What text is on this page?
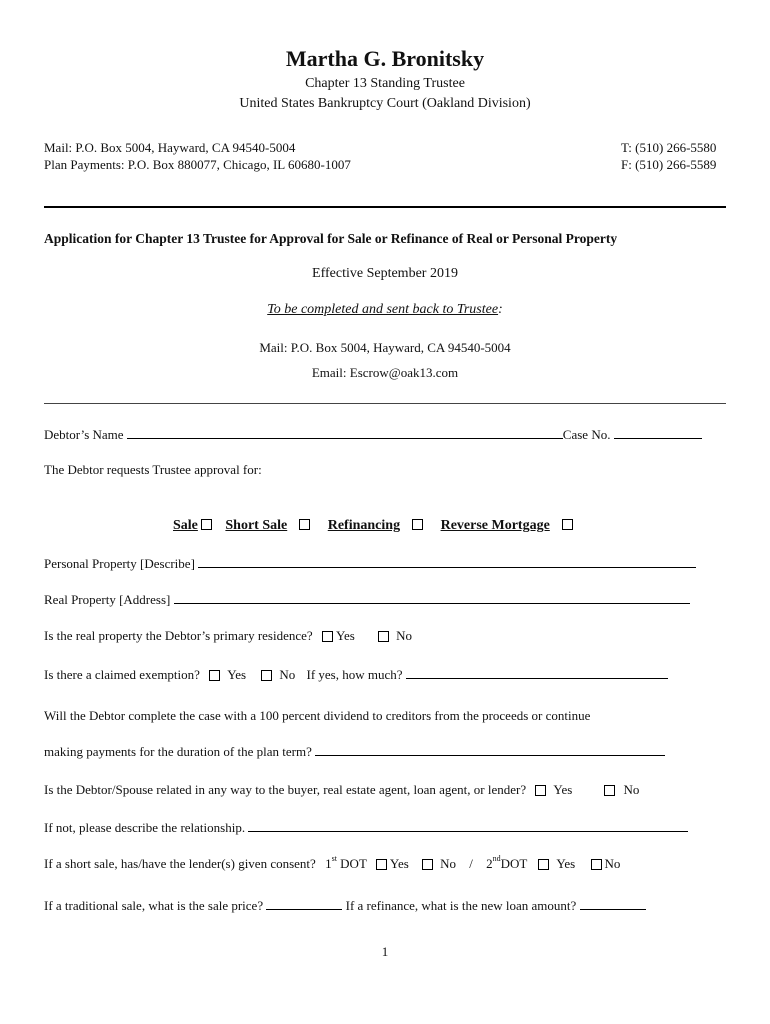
Martha G. Bronitsky
Chapter 13 Standing Trustee
United States Bankruptcy Court (Oakland Division)
Mail: P.O. Box 5004, Hayward, CA 94540-5004
Plan Payments: P.O. Box 880077, Chicago, IL 60680-1007
T: (510) 266-5580
F: (510) 266-5589
Application for Chapter 13 Trustee for Approval for Sale or Refinance of Real or Personal Property
Effective September 2019
To be completed and sent back to Trustee:
Mail: P.O. Box 5004, Hayward, CA 94540-5004
Email: Escrow@oak13.com
Debtor’s Name	Case No.
The Debtor requests Trustee approval for:
Sale Short Sale	Refinancing	Reverse Mortgage
Personal Property [Describe]
Real Property [Address]
Is the real property the Debtor’s primary residence? Yes	No
Is there a claimed exemption? Yes	No If yes, how much?
Will the Debtor complete the case with a 100 percent dividend to creditors from the proceeds or continue
making payments for the duration of the plan term?
Is the Debtor/Spouse related in any way to the buyer, real estate agent, loan agent, or lender? Yes	No
If not, please describe the relationship.
If a short sale, has/have the lender(s) given consent? 1st DOT Yes No / 2ndDOT Yes No
If a traditional sale, what is the sale price?	If a refinance, what is the new loan amount?
1
